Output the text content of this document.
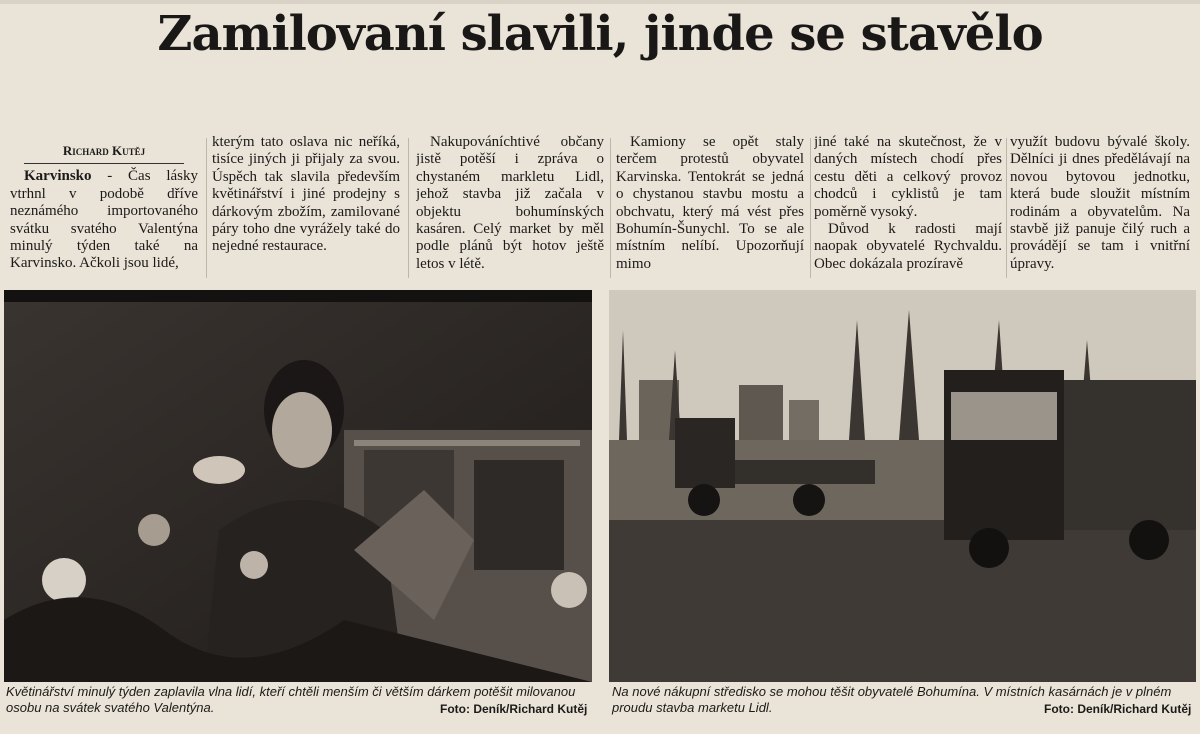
Zamilovaní slavili, jinde se stavělo
Richard Kutěj

Karvinsko - Čas lásky vtrhnl v podobě dříve neznámého importovaného svátku svatého Valentýna minulý týden také na Karvinsko. Ačkoli jsou lidé,

kterým tato oslava nic neříká, tisíce jiných ji přijaly za svou. Úspěch tak slavila především květinářství i jiné prodejny s dárkovým zbožím, zamilované páry toho dne vyrážely také do nejedné restaurace.

Nakupováníchtivé občany jistě potěší i zpráva o chystaném markletu Lidl, jehož stavba již začala v objektu bohumínských kasáren. Celý market by měl podle plánů být hotov ještě letos v létě.

Kamiony se opět staly terčem protestů obyvatel Karvinska. Tentokrát se jedná o chystanou stavbu mostu a obchvatu, který má vést přes Bohumín-Šunychl. To se ale místním nelíbí. Upozorňují mimo

jiné také na skutečnost, že v daných místech chodí přes cestu děti a celkový provoz chodců i cyklistů je tam poměrně vysoký.

Důvod k radosti mají naopak obyvatelé Rychvaldu. Obec dokázala prozíravě

využít budovu bývalé školy. Dělníci ji dnes předělávají na novou bytovou jednotku, která bude sloužit místním rodinám a obyvatelům. Na stavbě již panuje čilý ruch a provádějí se tam i vnitřní úpravy.

Květinářství minulý týden zaplavila vlna lidí, kteří chtěli menším či větším dárkem potěšit milovanou osobu na svátek svatého Valentýna.	Foto: Deník/Richard Kutěj
Na nové nákupní středisko se mohou těšit obyvatelé Bohumína. V místních kasárnách je v plném proudu stavba marketu Lidl.	Foto: Deník/Richard Kutěj
